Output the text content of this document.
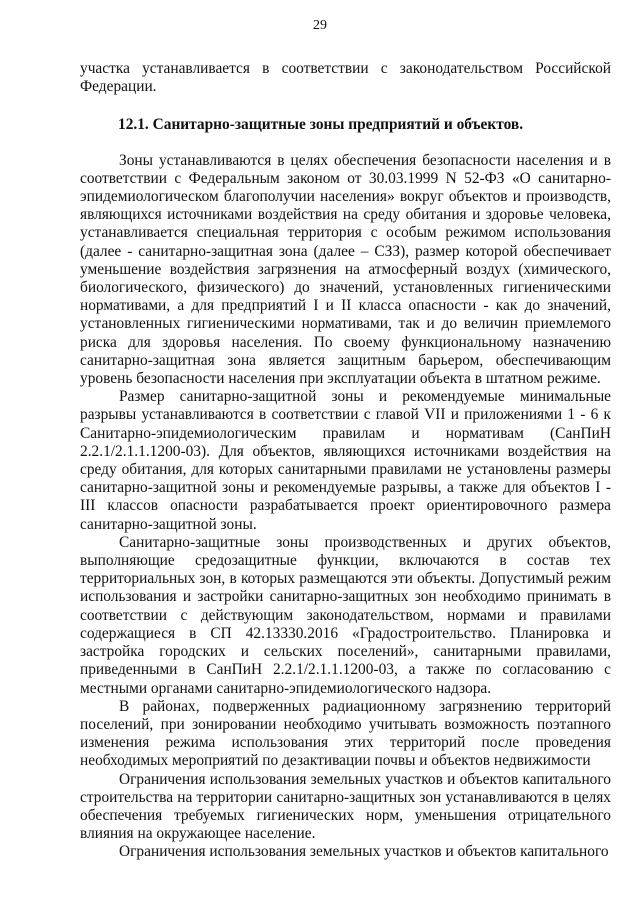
29

участка устанавливается в соответствии с законодательством Российской Федерации.

12.1. Санитарно-защитные зоны предприятий и объектов.

Зоны устанавливаются в целях обеспечения безопасности населения и в соответствии с Федеральным законом от 30.03.1999 N 52-ФЗ «О санитарно-эпидемиологическом благополучии населения» вокруг объектов и производств, являющихся источниками воздействия на среду обитания и здоровье человека, устанавливается специальная территория с особым режимом использования (далее - санитарно-защитная зона (далее – СЗЗ), размер которой обеспечивает уменьшение воздействия загрязнения на атмосферный воздух (химического, биологического, физического) до значений, установленных гигиеническими нормативами, а для предприятий I и II класса опасности - как до значений, установленных гигиеническими нормативами, так и до величин приемлемого риска для здоровья населения. По своему функциональному назначению санитарно-защитная зона является защитным барьером, обеспечивающим уровень безопасности населения при эксплуатации объекта в штатном режиме.

Размер санитарно-защитной зоны и рекомендуемые минимальные разрывы устанавливаются в соответствии с главой VII и приложениями 1 - 6 к Санитарно-эпидемиологическим правилам и нормативам (СанПиН 2.2.1/2.1.1.1200-03). Для объектов, являющихся источниками воздействия на среду обитания, для которых санитарными правилами не установлены размеры санитарно-защитной зоны и рекомендуемые разрывы, а также для объектов I - III классов опасности разрабатывается проект ориентировочного размера санитарно-защитной зоны.

Санитарно-защитные зоны производственных и других объектов, выполняющие средозащитные функции, включаются в состав тех территориальных зон, в которых размещаются эти объекты. Допустимый режим использования и застройки санитарно-защитных зон необходимо принимать в соответствии с действующим законодательством, нормами и правилами содержащиеся в СП 42.13330.2016 «Градостроительство. Планировка и застройка городских и сельских поселений», санитарными правилами, приведенными в СанПиН 2.2.1/2.1.1.1200-03, а также по согласованию с местными органами санитарно-эпидемиологического надзора.

В районах, подверженных радиационному загрязнению территорий поселений, при зонировании необходимо учитывать возможность поэтапного изменения режима использования этих территорий после проведения необходимых мероприятий по дезактивации почвы и объектов недвижимости

Ограничения использования земельных участков и объектов капитального строительства на территории санитарно-защитных зон устанавливаются в целях обеспечения требуемых гигиенических норм, уменьшения отрицательного влияния на окружающее население.

Ограничения использования земельных участков и объектов капитального
